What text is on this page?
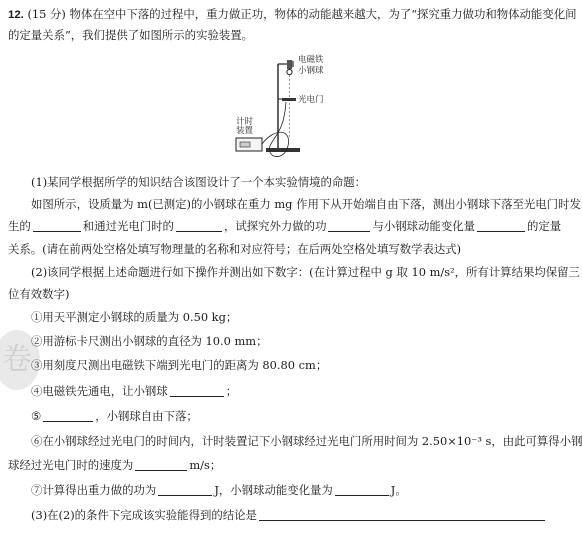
卷
12. (15 分) 物体在空中下落的过程中，重力做正功，物体的动能越来越大，为了“探究重力做功和物体动能变化间
的定量关系”，我们提供了如图所示的实验装置。
电磁铁
小钢球
光电门
计时
装置
(1)某同学根据所学的知识结合该图设计了一个本实验情境的命题：
如图所示，设质量为 m(已测定)的小钢球在重力 mg 作用下从开始端自由下落，测出小钢球下落至光电门时发
生的	和通过光电门时的	，试探究外力做的功	与小钢球动能变化量	的定量
关系。(请在前两处空格处填写物理量的名称和对应符号；在后两处空格处填写数学表达式)
(2)该同学根据上述命题进行如下操作并测出如下数字：(在计算过程中 g 取 10 m/s²，所有计算结果均保留三
位有效数字)
①用天平测定小钢球的质量为 0.50 kg；
②用游标卡尺测出小钢球的直径为 10.0 mm；
③用刻度尺测出电磁铁下端到光电门的距离为 80.80 cm；
④电磁铁先通电，让小钢球	；
⑤	，小钢球自由下落；
⑥在小钢球经过光电门的时间内，计时装置记下小钢球经过光电门所用时间为 2.50×10⁻³ s，由此可算得小钢
球经过光电门时的速度为	m/s；
⑦计算得出重力做的功为	J，小钢球动能变化量为	J。
(3)在(2)的条件下完成该实验能得到的结论是
